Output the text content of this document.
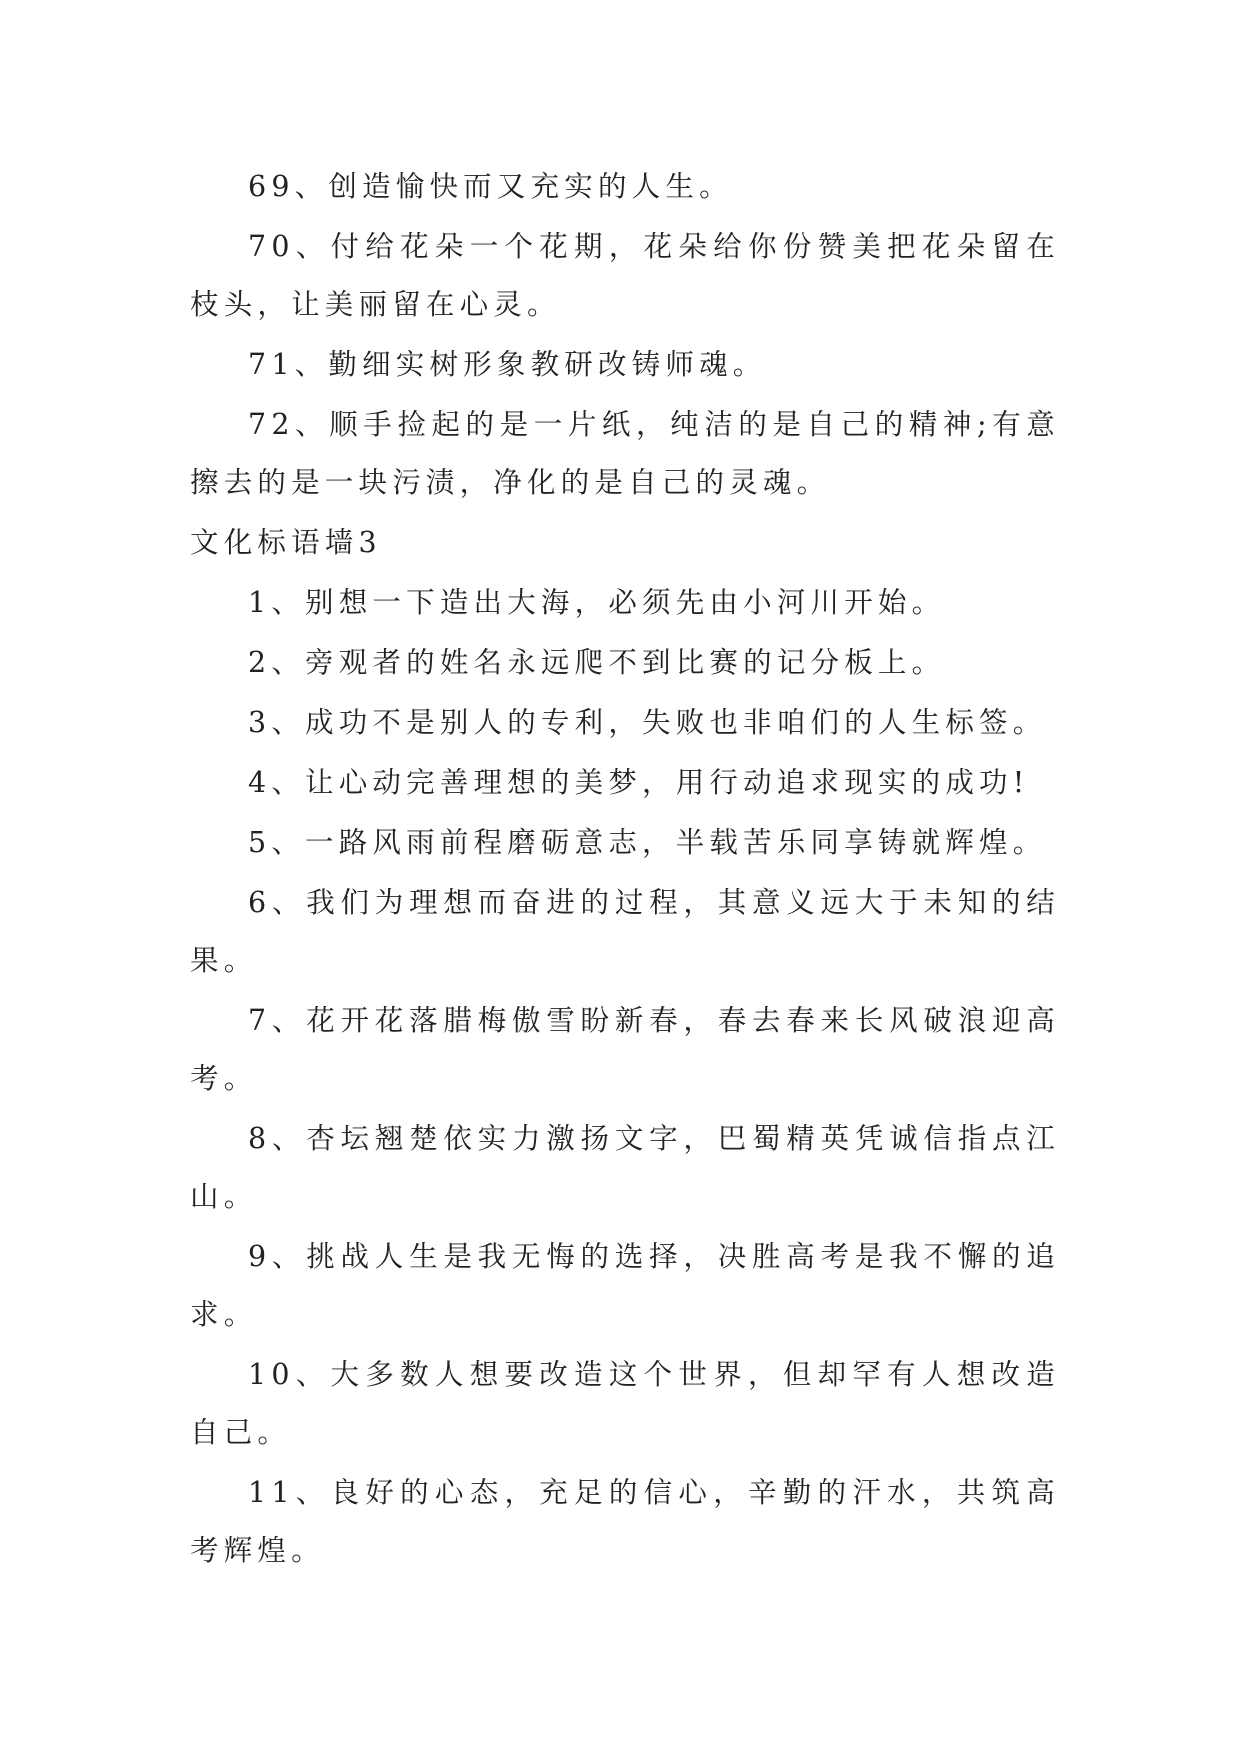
69、创造愉快而又充实的人生。

70、付给花朵一个花期，花朵给你份赞美把花朵留在枝头，让美丽留在心灵。

71、勤细实树形象教研改铸师魂。

72、顺手捡起的是一片纸，纯洁的是自己的精神;有意擦去的是一块污渍，净化的是自己的灵魂。

文化标语墙3

1、别想一下造出大海，必须先由小河川开始。

2、旁观者的姓名永远爬不到比赛的记分板上。

3、成功不是别人的专利，失败也非咱们的人生标签。

4、让心动完善理想的美梦，用行动追求现实的成功!

5、一路风雨前程磨砺意志，半载苦乐同享铸就辉煌。

6、我们为理想而奋进的过程，其意义远大于未知的结果。

7、花开花落腊梅傲雪盼新春，春去春来长风破浪迎高考。

8、杏坛翘楚依实力激扬文字，巴蜀精英凭诚信指点江山。

9、挑战人生是我无悔的选择，决胜高考是我不懈的追求。

10、大多数人想要改造这个世界，但却罕有人想改造自己。

11、良好的心态，充足的信心，辛勤的汗水，共筑高考辉煌。
